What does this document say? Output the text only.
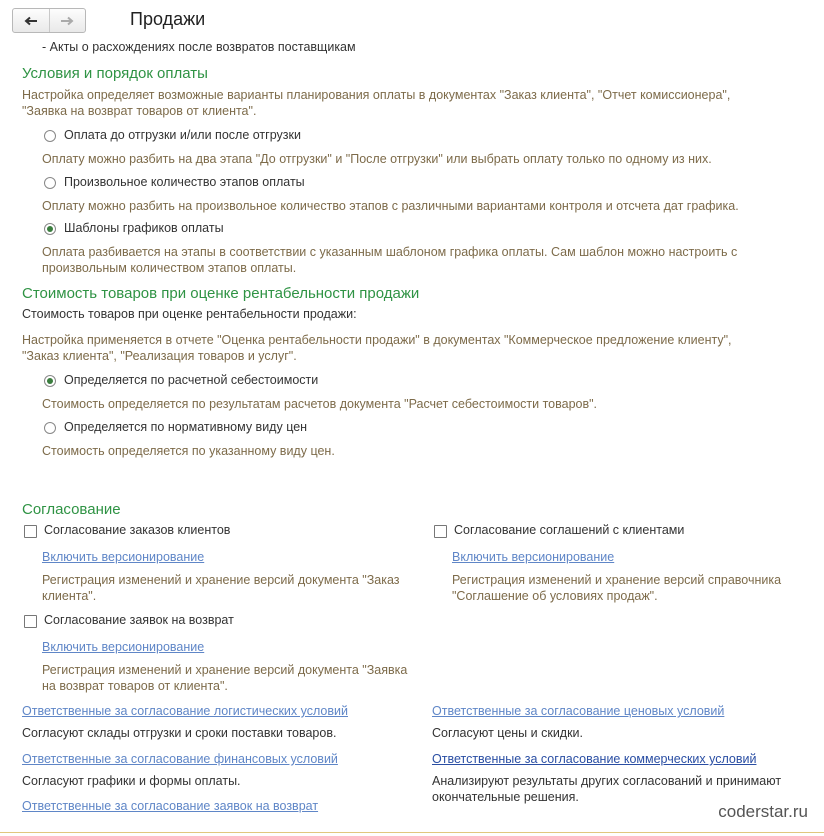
Продажи
- Акты о расхождениях после возвратов поставщикам
Условия и порядок оплаты
Настройка определяет возможные варианты планирования оплаты в документах "Заказ клиента", "Отчет комиссионера",
"Заявка на возврат товаров от клиента".
Оплата до отгрузки и/или после отгрузки
Оплату можно разбить на два этапа "До отгрузки" и "После отгрузки" или выбрать оплату только по одному из них.
Произвольное количество этапов оплаты
Оплату можно разбить на произвольное количество этапов с различными вариантами контроля и отсчета дат графика.
Шаблоны графиков оплаты
Оплата разбивается на этапы в соответствии с указанным шаблоном графика оплаты. Сам шаблон можно настроить с
произвольным количеством этапов оплаты.
Стоимость товаров при оценке рентабельности продажи
Стоимость товаров при оценке рентабельности продажи:
Настройка применяется в отчете "Оценка рентабельности продажи" в документах "Коммерческое предложение клиенту",
"Заказ клиента", "Реализация товаров и услуг".
Определяется по расчетной себестоимости
Стоимость определяется по результатам расчетов документа "Расчет себестоимости товаров".
Определяется по нормативному виду цен
Стоимость определяется по указанному виду цен.
Согласование
Согласование заказов клиентов
Включить версионирование
Регистрация изменений и хранение версий документа "Заказ
клиента".
Согласование соглашений с клиентами
Включить версионирование
Регистрация изменений и хранение версий справочника
"Соглашение об условиях продаж".
Согласование заявок на возврат
Включить версионирование
Регистрация изменений и хранение версий документа "Заявка
на возврат товаров от клиента".
Ответственные за согласование логистических условий
Согласуют склады отгрузки и сроки поставки товаров.
Ответственные за согласование ценовых условий
Согласуют цены и скидки.
Ответственные за согласование финансовых условий
Согласуют графики и формы оплаты.
Ответственные за согласование коммерческих условий
Анализируют результаты других согласований и принимают
окончательные решения.
Ответственные за согласование заявок на возврат	coderstar.ru
